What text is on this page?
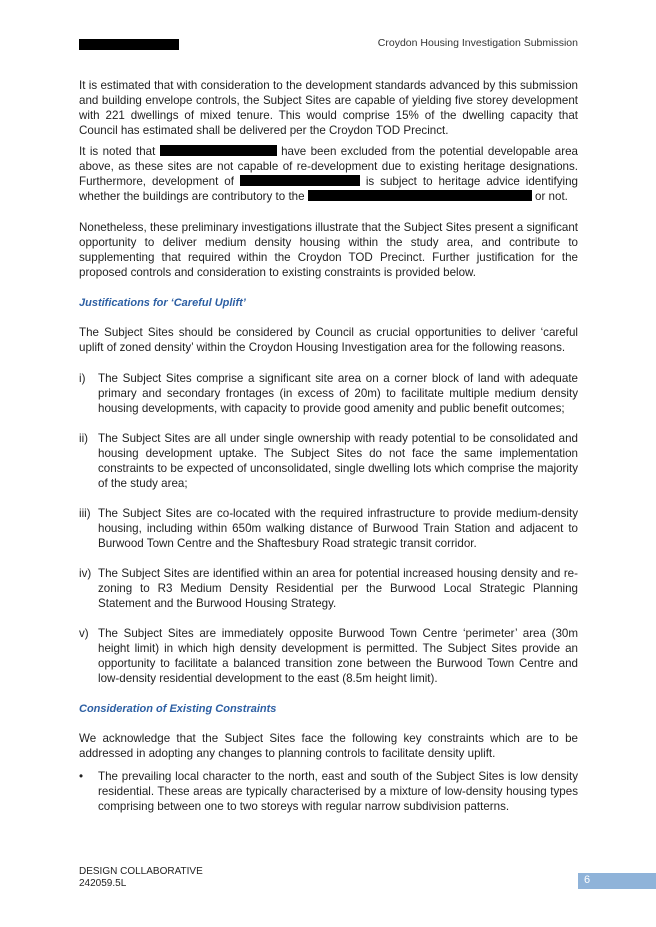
Croydon Housing Investigation Submission

It is estimated that with consideration to the development standards advanced by this submission and building envelope controls, the Subject Sites are capable of yielding five storey development with 221 dwellings of mixed tenure. This would comprise 15% of the dwelling capacity that Council has estimated shall be delivered per the Croydon TOD Precinct.

It is noted that	have been excluded from the potential developable area above, as these sites are not capable of re-development due to existing heritage designations. Furthermore, development of	is subject to heritage advice identifying whether the buildings are contributory to the	or not.

Nonetheless, these preliminary investigations illustrate that the Subject Sites present a significant opportunity to deliver medium density housing within the study area, and contribute to supplementing that required within the Croydon TOD Precinct. Further justification for the proposed controls and consideration to existing constraints is provided below.

Justifications for ‘Careful Uplift’

The Subject Sites should be considered by Council as crucial opportunities to deliver ‘careful uplift of zoned density’ within the Croydon Housing Investigation area for the following reasons.

i)	The Subject Sites comprise a significant site area on a corner block of land with adequate primary and secondary frontages (in excess of 20m) to facilitate multiple medium density housing developments, with capacity to provide good amenity and public benefit outcomes;
ii) The Subject Sites are all under single ownership with ready potential to be consolidated and housing development uptake. The Subject Sites do not face the same implementation constraints to be expected of unconsolidated, single dwelling lots which comprise the majority of the study area;
iii) The Subject Sites are co-located with the required infrastructure to provide medium-density housing, including within 650m walking distance of Burwood Train Station and adjacent to Burwood Town Centre and the Shaftesbury Road strategic transit corridor.
iv) The Subject Sites are identified within an area for potential increased housing density and re-zoning to R3 Medium Density Residential per the Burwood Local Strategic Planning Statement and the Burwood Housing Strategy.
v) The Subject Sites are immediately opposite Burwood Town Centre ‘perimeter’ area (30m height limit) in which high density development is permitted. The Subject Sites provide an opportunity to facilitate a balanced transition zone between the Burwood Town Centre and low-density residential development to the east (8.5m height limit).
Consideration of Existing Constraints

We acknowledge that the Subject Sites face the following key constraints which are to be addressed in adopting any changes to planning controls to facilitate density uplift.

•	The prevailing local character to the north, east and south of the Subject Sites is low density residential. These areas are typically characterised by a mixture of low-density housing types comprising between one to two storeys with regular narrow subdivision patterns.
DESIGN COLLABORATIVE
242059.5L	6
